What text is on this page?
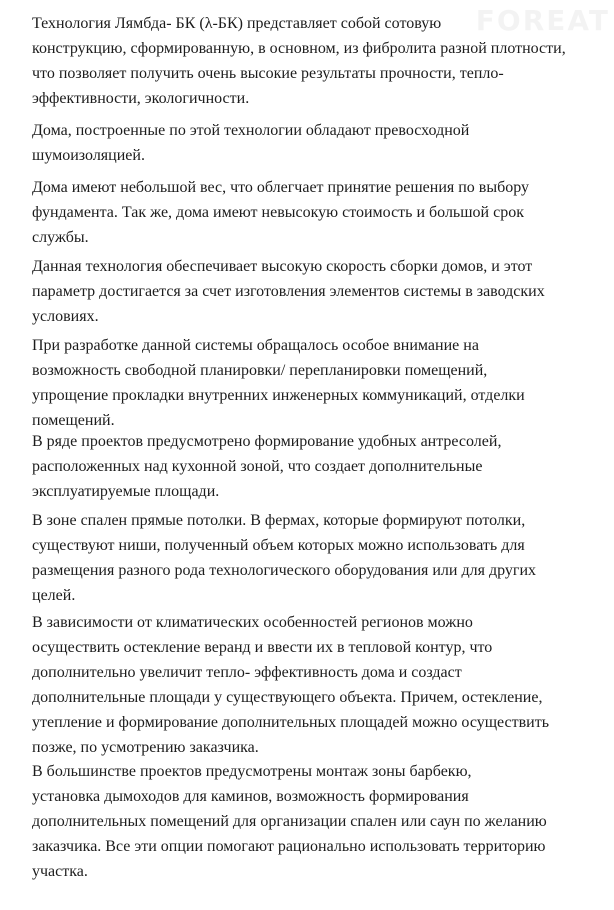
Технология Лямбда- БК (λ-БК) представляет собой сотовую
конструкцию, сформированную, в основном, из фибролита разной плотности,
что позволяет получить очень высокие результаты прочности, тепло-
эффективности, экологичности.

Дома, построенные по этой технологии обладают превосходной
шумоизоляцией.

Дома имеют небольшой вес, что облегчает принятие решения по выбору
фундамента. Так же, дома имеют невысокую стоимость и большой срок
службы.

Данная технология обеспечивает высокую скорость сборки домов, и этот
параметр достигается за счет изготовления элементов системы в заводских
условиях.

При разработке данной системы обращалось особое внимание на
возможность свободной планировки/ перепланировки помещений,
упрощение прокладки внутренних инженерных коммуникаций, отделки
помещений.

В ряде проектов предусмотрено формирование удобных антресолей,
расположенных над кухонной зоной, что создает дополнительные
эксплуатируемые площади.

В зоне спален прямые потолки. В фермах, которые формируют потолки,
существуют ниши, полученный объем которых можно использовать для
размещения разного рода технологического оборудования или для других
целей.

В зависимости от климатических особенностей регионов можно
осуществить остекление веранд и ввести их в тепловой контур, что
дополнительно увеличит тепло- эффективность дома и создаст
дополнительные площади у существующего объекта. Причем, остекление,
утепление и формирование дополнительных площадей можно осуществить
позже, по усмотрению заказчика.

В большинстве проектов предусмотрены монтаж зоны барбекю,
установка дымоходов для каминов, возможность формирования
дополнительных помещений для организации спален или саун по желанию
заказчика. Все эти опции помогают рационально использовать территорию
участка.
